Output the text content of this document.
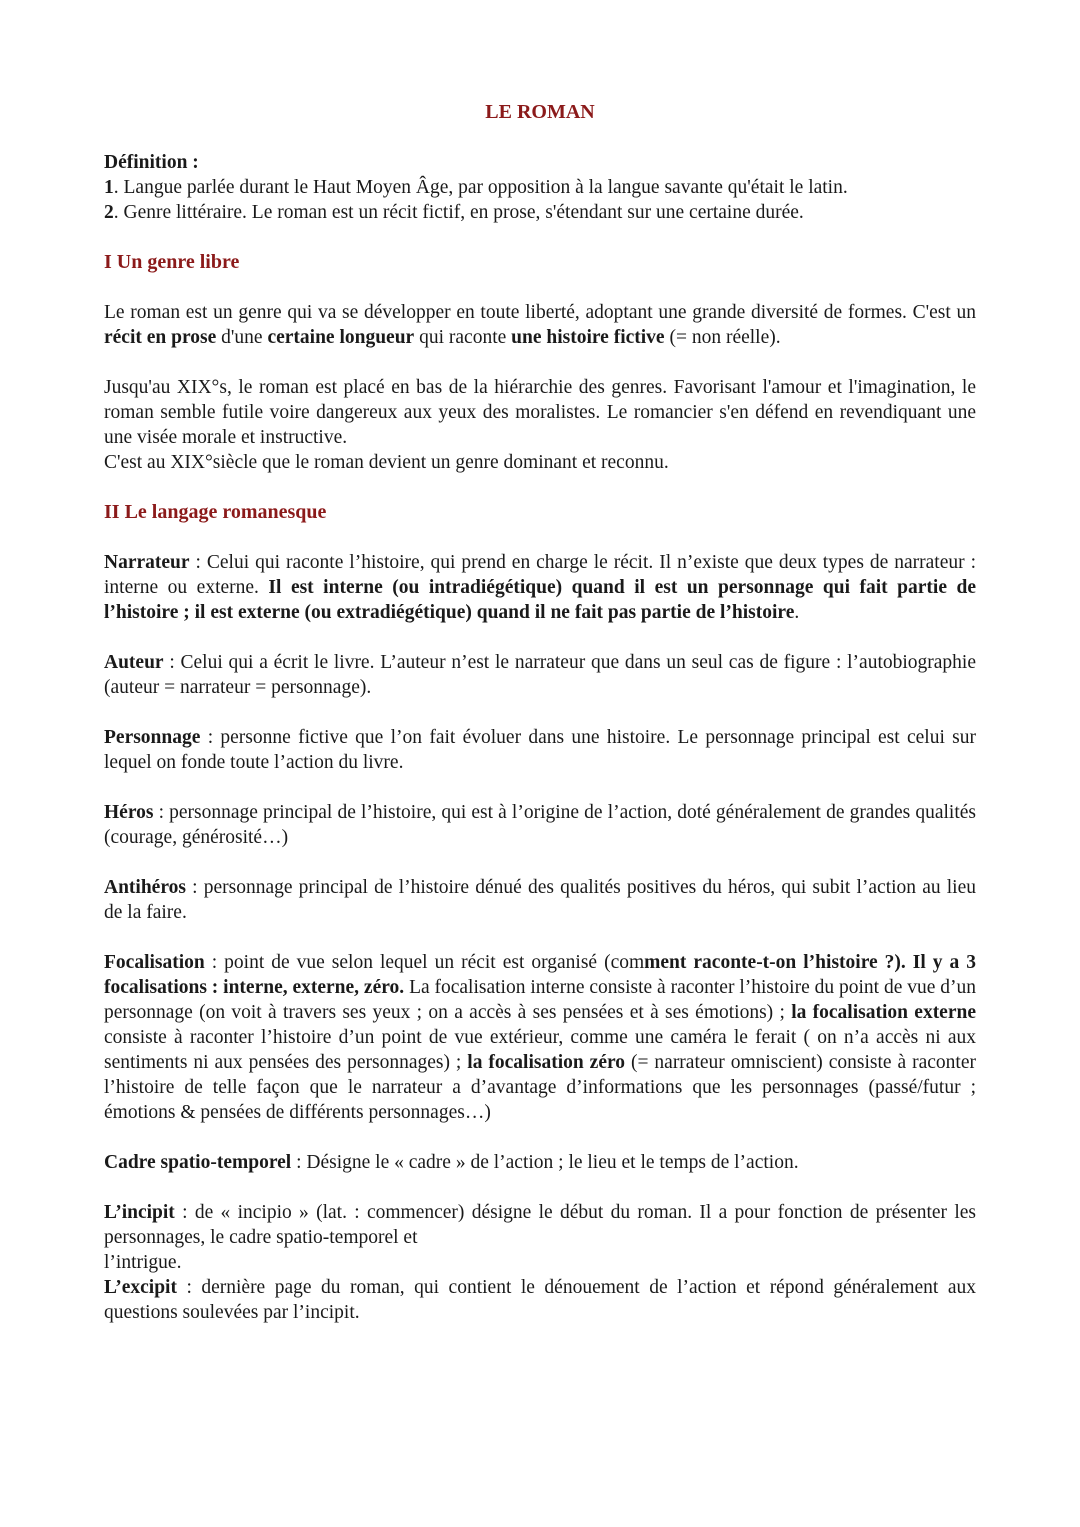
LE ROMAN

Définition :

1. Langue parlée durant le Haut Moyen Âge, par opposition à la langue savante qu'était le latin.

2. Genre littéraire. Le roman est un récit fictif, en prose, s'étendant sur une certaine durée.

I Un genre libre

Le roman est un genre qui va se développer en toute liberté, adoptant une grande diversité de formes. C'est un récit en prose d'une certaine longueur qui raconte une histoire fictive (= non réelle).

Jusqu'au XIX°s, le roman est placé en bas de la hiérarchie des genres. Favorisant l'amour et l'imagination, le roman semble futile voire dangereux aux yeux des moralistes. Le romancier s'en défend en revendiquant une une visée morale et instructive.

C'est au XIX°siècle que le roman devient un genre dominant et reconnu.

II Le langage romanesque

Narrateur : Celui qui raconte l’histoire, qui prend en charge le récit. Il n’existe que deux types de narrateur : interne ou externe. Il est interne (ou intradiégétique) quand il est un personnage qui fait partie de l’histoire ; il est externe (ou extradiégétique) quand il ne fait pas partie de l’histoire.

Auteur : Celui qui a écrit le livre. L’auteur n’est le narrateur que dans un seul cas de figure : l’autobiographie (auteur = narrateur = personnage).

Personnage : personne fictive que l’on fait évoluer dans une histoire. Le personnage principal est celui sur lequel on fonde toute l’action du livre.

Héros : personnage principal de l’histoire, qui est à l’origine de l’action, doté généralement de grandes qualités (courage, générosité…)

Antihéros : personnage principal de l’histoire dénué des qualités positives du héros, qui subit l’action au lieu de la faire.

Focalisation : point de vue selon lequel un récit est organisé (comment raconte-t-on l’histoire ?). Il y a 3 focalisations : interne, externe, zéro. La focalisation interne consiste à raconter l’histoire du point de vue d’un personnage (on voit à travers ses yeux ; on a accès à ses pensées et à ses émotions) ; la focalisation externe consiste à raconter l’histoire d’un point de vue extérieur, comme une caméra le ferait ( on n’a accès ni aux sentiments ni aux pensées des personnages) ; la focalisation zéro (= narrateur omniscient) consiste à raconter l’histoire de telle façon que le narrateur a d’avantage d’informations que les personnages (passé/futur ; émotions & pensées de différents personnages…)

Cadre spatio-temporel : Désigne le « cadre » de l’action ; le lieu et le temps de l’action.

L’incipit : de « incipio » (lat. : commencer) désigne le début du roman. Il a pour fonction de présenter les personnages, le cadre spatio-temporel et

l’intrigue.

L’excipit : dernière page du roman, qui contient le dénouement de l’action et répond généralement aux questions soulevées par l’incipit.
